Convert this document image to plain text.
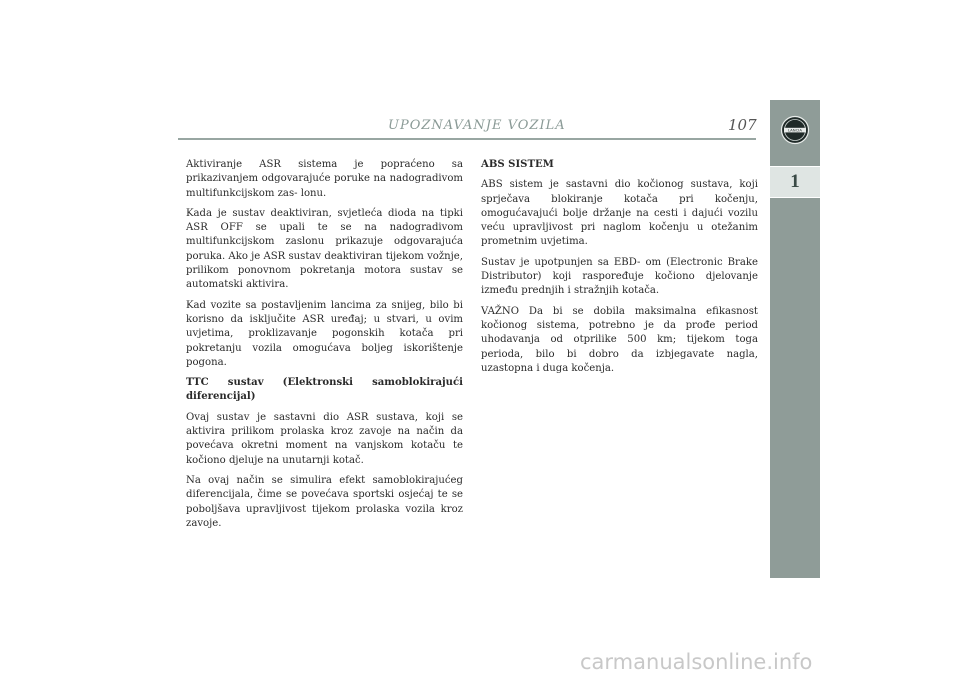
UPOZNAVANJE VOZILA	107	LANCIA
1

Aktiviranje ASR sistema je popraćeno sa prikazivanjem odgovarajuće poruke na nadogradivom multifunkcijskom zas- lonu.

Kada je sustav deaktiviran, svjetleća dioda na tipki ASR OFF se upali te se na nadogradivom multifunkcijskom zaslonu prikazuje odgovarajuća poruka. Ako je ASR sustav deaktiviran tijekom vožnje, prilikom ponovnom pokretanja motora sustav se automatski aktivira.

Kad vozite sa postavljenim lancima za snijeg, bilo bi korisno da isključite ASR uređaj; u stvari, u ovim uvjetima, proklizavanje pogonskih kotača pri pokretanju vozila omogućava boljeg iskorištenje pogona.

TTC sustav (Elektronski samoblokirajući diferencijal)

Ovaj sustav je sastavni dio ASR sustava, koji se aktivira prilikom prolaska kroz zavoje na način da povećava okretni moment na vanjskom kotaču te kočiono djeluje na unutarnji kotač.

Na ovaj način se simulira efekt samoblokirajućeg diferencijala, čime se povećava sportski osjećaj te se poboljšava upravljivost tijekom prolaska vozila kroz zavoje.

ABS SISTEM

ABS sistem je sastavni dio kočionog sustava, koji sprječava blokiranje kotača pri kočenju, omogućavajući bolje držanje na cesti i dajući vozilu veću upravljivost pri naglom kočenju u otežanim prometnim uvjetima.

Sustav je upotpunjen sa EBD- om (Electronic Brake Distributor) koji raspoređuje kočiono djelovanje između prednjih i stražnjih kotača.

VAŽNO Da bi se dobila maksimalna efikasnost kočionog sistema, potrebno je da prođe period uhodavanja od otprilike 500 km; tijekom toga perioda, bilo bi dobro da izbjegavate nagla, uzastopna i duga kočenja.

carmanualsonline.info
